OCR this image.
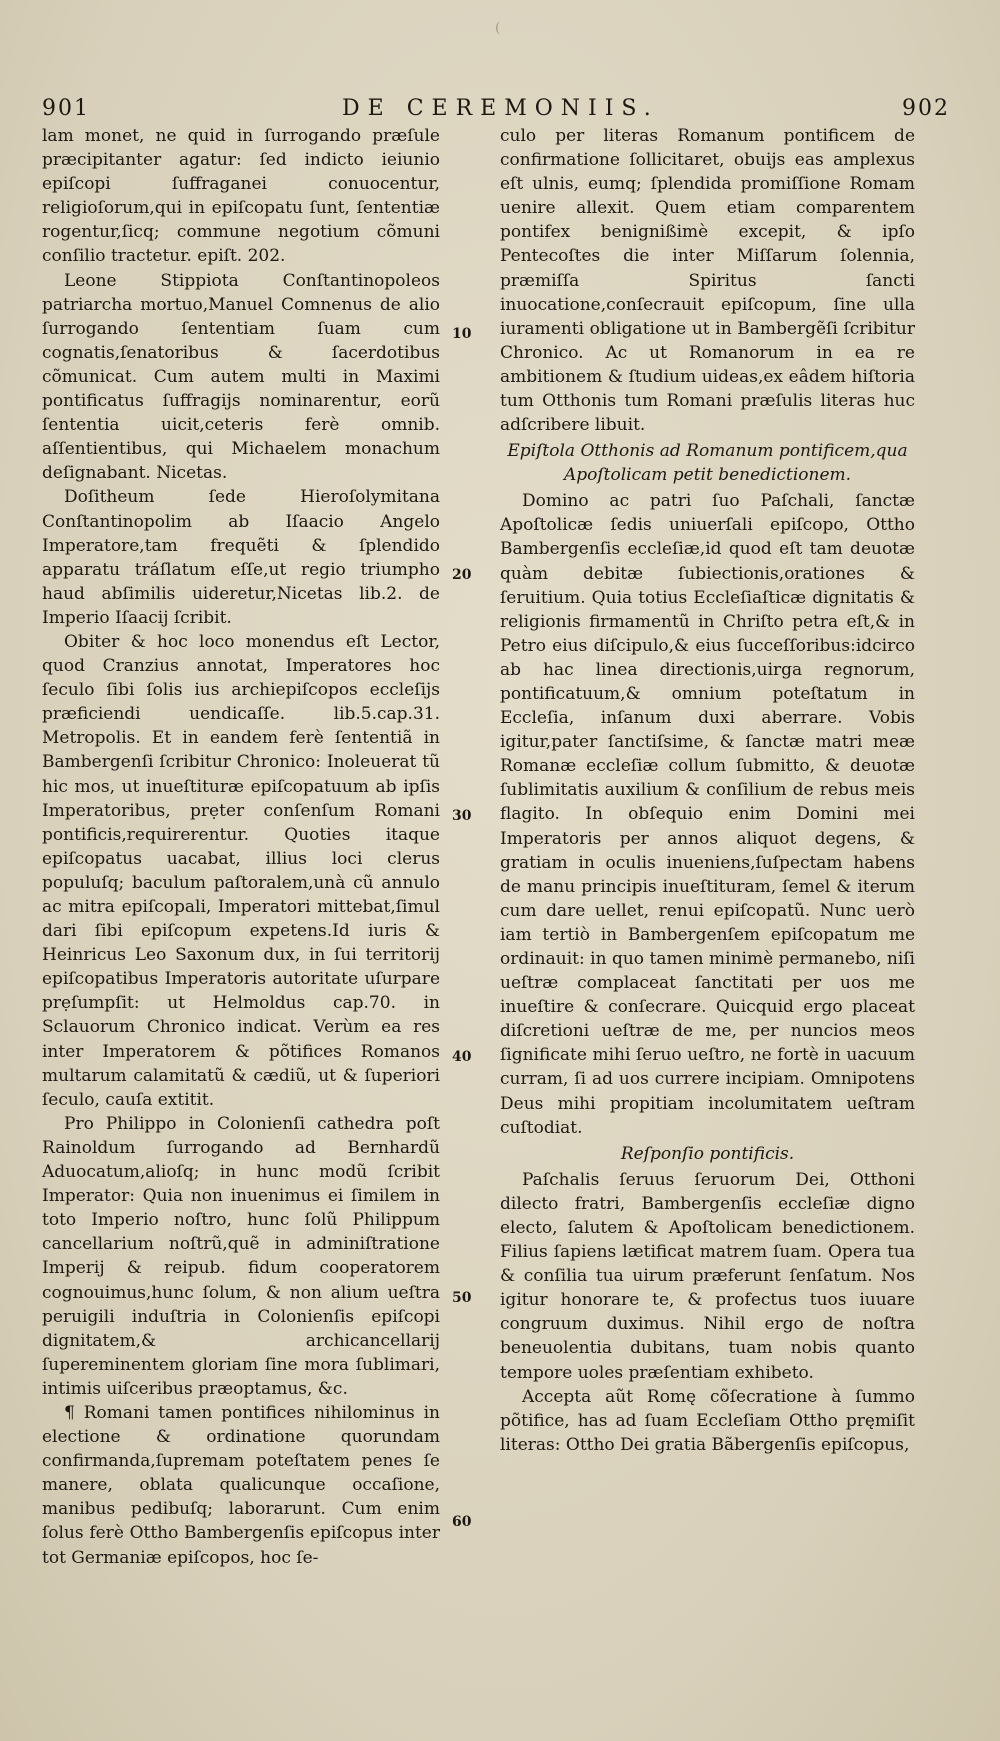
(
901	DE CEREMONIIS.	902

lam monet, ne quid in ſurrogando præſule præcipitanter agatur: ſed indicto ieiunio epiſcopi ſuffraganei conuocentur, religioſorum,qui in epiſcopatu ſunt, ſententiæ rogentur,ſicq; commune negotium cõmuni conſilio tractetur. epiſt. 202.

Leone Stippiota Conſtantinopoleos patriarcha mortuo,Manuel Comnenus de alio ſurrogando ſententiam ſuam cum cognatis,ſenatoribus & ſacerdotibus cõmunicat. Cum autem multi in Maximi pontificatus ſuffragijs nominarentur, eorũ ſententia uicit,ceteris ferè omnib. aſſentientibus, qui Michaelem monachum deſignabant. Nicetas.

Doſitheum ſede Hieroſolymitana Conſtantinopolim ab Iſaacio Angelo Imperatore,tam frequẽti & ſplendido apparatu tráſlatum eſſe,ut regio triumpho haud abſimilis uideretur,Nicetas lib.2. de Imperio Iſaacij ſcribit.

Obiter & hoc loco monendus eſt Lector, quod Cranzius annotat, Imperatores hoc ſeculo ſibi ſolis ius archiepiſcopos eccleſijs præficiendi uendicaſſe. lib.5.cap.31. Metropolis. Et in eandem ferè ſententiã in Bambergenſi ſcribitur Chronico: Inoleuerat tũ hic mos, ut inueſtituræ epiſcopatuum ab ipſis Imperatoribus, prẹter conſenſum Romani pontificis,requirerentur. Quoties itaque epiſcopatus uacabat, illius loci clerus populuſq; baculum paſtoralem,unà cũ annulo ac mitra epiſcopali, Imperatori mittebat,ſimul dari ſibi epiſcopum expetens.Id iuris & Heinricus Leo Saxonum dux, in ſui territorij epiſcopatibus Imperatoris autoritate uſurpare prẹſumpſit: ut Helmoldus cap.70. in Sclauorum Chronico indicat. Verùm ea res inter Imperatorem & põtifices Romanos multarum calamitatũ & cædiũ, ut & ſuperiori ſeculo, cauſa extitit.

Pro Philippo in Colonienſi cathedra poſt Rainoldum ſurrogando ad Bernhardũ Aduocatum,alioſq; in hunc modũ ſcribit Imperator: Quia non inuenimus ei ſimilem in toto Imperio noſtro, hunc ſolũ Philippum cancellarium noſtrũ,quẽ in adminiſtratione Imperij & reipub. fidum cooperatorem cognouimus,hunc ſolum, & non alium ueſtra peruigili induſtria in Colonienſis epiſcopi dignitatem,& archicancellarij ſupereminentem gloriam ſine mora ſublimari, intimis uiſceribus præoptamus, &c.

¶ Romani tamen pontifices nihilominus in electione & ordinatione quorundam confirmanda,ſupremam poteſtatem penes ſe manere, oblata qualicunque occaſione, manibus pedibuſq; laborarunt. Cum enim ſolus ferè Ottho Bambergenſis epiſcopus inter tot Germaniæ epiſcopos, hoc ſe-

10
20
30
40
50
60

culo per literas Romanum pontificem de confirmatione ſollicitaret, obuijs eas amplexus eſt ulnis, eumq; ſplendida promiſſione Romam uenire allexit. Quem etiam comparentem pontifex benignißimè excepit, & ipſo Pentecoſtes die inter Miſſarum ſolennia, præmiſſa Spiritus ſancti inuocatione,conſecrauit epiſcopum, ſine ulla iuramenti obligatione ut in Bambergẽſi ſcribitur Chronico. Ac ut Romanorum in ea re ambitionem & ſtudium uideas,ex eâdem hiſtoria tum Otthonis tum Romani præſulis literas huc adſcribere libuit.

Epiſtola Otthonis ad Romanum pontificem,qua Apoſtolicam petit benedictionem.

Domino ac patri ſuo Paſchali, ſanctæ Apoſtolicæ ſedis uniuerſali epiſcopo, Ottho Bambergenſis eccleſiæ,id quod eſt tam deuotæ quàm debitæ ſubiectionis,orationes & ſeruitium. Quia totius Eccleſiaſticæ dignitatis & religionis firmamentũ in Chriſto petra eſt,& in Petro eius diſcipulo,& eius ſucceſſoribus:idcirco ab hac linea directionis,uirga regnorum, pontificatuum,& omnium poteſtatum in Eccleſia, inſanum duxi aberrare. Vobis igitur,pater ſanctiſsime, & ſanctæ matri meæ Romanæ eccleſiæ collum ſubmitto, & deuotæ ſublimitatis auxilium & conſilium de rebus meis flagito. In obſequio enim Domini mei Imperatoris per annos aliquot degens, & gratiam in oculis inueniens,ſuſpectam habens de manu principis inueſtituram, ſemel & iterum cum dare uellet, renui epiſcopatũ. Nunc uerò iam tertiò in Bambergenſem epiſcopatum me ordinauit: in quo tamen minimè permanebo, niſi ueſtræ complaceat ſanctitati per uos me inueſtire & conſecrare. Quicquid ergo placeat diſcretioni ueſtræ de me, per nuncios meos ſignificate mihi ſeruo ueſtro, ne fortè in uacuum curram, ſi ad uos currere incipiam. Omnipotens Deus mihi propitiam incolumitatem ueſtram cuſtodiat.

Reſponſio pontificis.

Paſchalis ſeruus ſeruorum Dei, Otthoni dilecto fratri, Bambergenſis eccleſiæ digno electo, ſalutem & Apoſtolicam benedictionem. Filius ſapiens lætificat matrem ſuam. Opera tua & conſilia tua uirum præferunt ſenſatum. Nos igitur honorare te, & profectus tuos iuuare congruum duximus. Nihil ergo de noſtra beneuolentia dubitans, tuam nobis quanto tempore uoles præſentiam exhibeto.

Accepta aũt Romę cõſecratione à ſummo põtifice, has ad ſuam Eccleſiam Ottho pręmiſit literas: Ottho Dei gratia Bãbergenſis epiſcopus,
